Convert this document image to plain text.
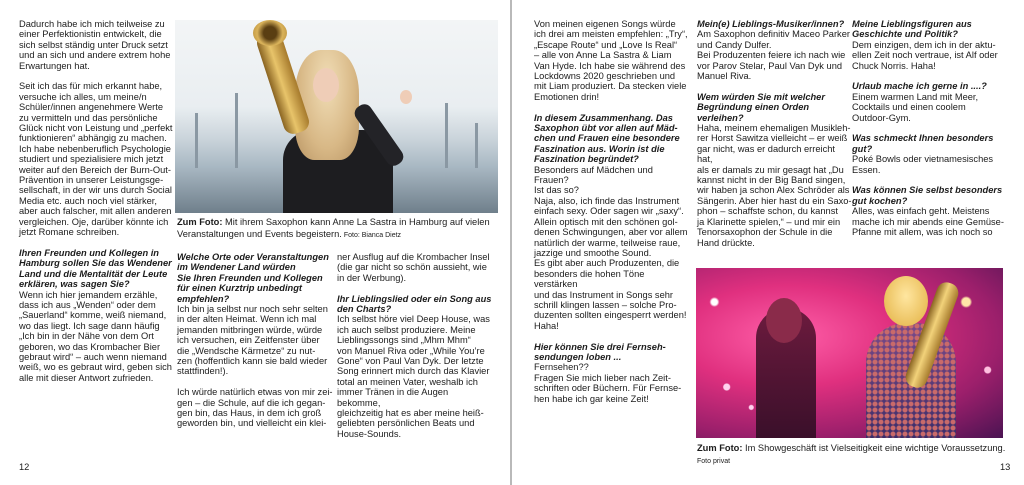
Dadurch habe ich mich teilweise zu
einer Perfektionistin entwickelt, die
sich selbst ständig unter Druck setzt
und an sich und andere extrem hohe
Erwartungen hat.

Seit ich das für mich erkannt habe,
versuche ich alles, um meine/n
Schüler/innen angenehmere Werte
zu vermitteln und das persönliche
Glück nicht von Leistung und „perfekt
funktionieren“ abhängig zu machen.
Ich habe nebenberuflich Psychologie
studiert und spezialisiere mich jetzt
weiter auf den Bereich der Burn-Out-
Prävention in unserer Leistungsge-
sellschaft, in der wir uns durch Social
Media etc. auch noch viel stärker,
aber auch falscher, mit allen anderen
vergleichen. Oje, darüber könnte ich
jetzt Romane schreiben.

Ihren Freunden und Kollegen in
Hamburg sollen Sie das Wendener
Land und die Mentalität der Leute
erklären, was sagen Sie?

Wenn ich hier jemandem erzähle,
dass ich aus „Wenden“ oder dem
„Sauerland“ komme, weiß niemand,
wo das liegt. Ich sage dann häufig
„Ich bin in der Nähe von dem Ort
geboren, wo das Krombacher Bier
gebraut wird“ – auch wenn niemand
weiß, wo es gebraut wird, geben sich
alle mit dieser Antwort zufrieden.

Zum Foto: Mit ihrem Saxophon kann Anne La Sastra in Hamburg auf vielen
Veranstaltungen und Events begeistern. Foto: Bianca Dietz

Welche Orte oder Veranstaltungen
im Wendener Land würden
Sie Ihren Freunden und Kollegen
für einen Kurztrip unbedingt
empfehlen?

Ich bin ja selbst nur noch sehr selten
in der alten Heimat. Wenn ich mal
jemanden mitbringen würde, würde
ich versuchen, ein Zeitfenster über
die „Wendsche Kärmetze“ zu nut-
zen (hoffentlich kann sie bald wieder
stattfinden!).

Ich würde natürlich etwas von mir zei-
gen – die Schule, auf die ich gegan-
gen bin, das Haus, in dem ich groß
geworden bin, und vielleicht ein klei-

ner Ausflug auf die Krombacher Insel
(die gar nicht so schön aussieht, wie
in der Werbung).

Ihr Lieblingslied oder ein Song aus
den Charts?

Ich selbst höre viel Deep House, was
ich auch selbst produziere. Meine
Lieblingssongs sind „Mhm Mhm“
von Manuel Riva oder „While You’re
Gone“ von Paul Van Dyk. Der letzte
Song erinnert mich durch das Klavier
total an meinen Vater, weshalb ich
immer Tränen in die Augen bekomme,
gleichzeitig hat es aber meine heiß-
geliebten persönlichen Beats und
House-Sounds.

12

Von meinen eigenen Songs würde
ich drei am meisten empfehlen: „Try“,
„Escape Route“ und „Love Is Real“
– alle von Anne La Sastra & Liam
Van Hyde. Ich habe sie während des
Lockdowns 2020 geschrieben und
mit Liam produziert. Da stecken viele
Emotionen drin!

In diesem Zusammenhang. Das
Saxophon übt vor allen auf Mäd-
chen und Frauen eine besondere
Faszination aus. Worin ist die
Faszination begründet?

Besonders auf Mädchen und Frauen?
Ist das so?
Naja, also, ich finde das Instrument
einfach sexy. Oder sagen wir „saxy“.
Allein optisch mit den schönen gol-
denen Schwingungen, aber vor allem
natürlich der warme, teilweise raue,
jazzige und smoothe Sound.
Es gibt aber auch Produzenten, die
besonders die hohen Töne verstärken
und das Instrument in Songs sehr
schrill klingen lassen – solche Pro-
duzenten sollten eingesperrt werden!
Haha!

Hier können Sie drei Fernseh-
sendungen loben ...

Fernsehen??
Fragen Sie mich lieber nach Zeit-
schriften oder Büchern. Für Fernse-
hen habe ich gar keine Zeit!

Mein(e) Lieblings-Musiker/innen?

Am Saxophon definitiv Maceo Parker
und Candy Dulfer.
Bei Produzenten feiere ich nach wie
vor Parov Stelar, Paul Van Dyk und
Manuel Riva.

Wem würden Sie mit welcher
Begründung einen Orden
verleihen?

Haha, meinem ehemaligen Musikleh-
rer Horst Sawitza vielleicht – er weiß
gar nicht, was er dadurch erreicht hat,
als er damals zu mir gesagt hat „Du
kannst nicht in der Big Band singen,
wir haben ja schon Alex Schröder als
Sängerin. Aber hier hast du ein Saxo-
phon – schaffste schon, du kannst
ja Klarinette spielen,“ – und mir ein
Tenorsaxophon der Schule in die
Hand drückte.

Meine Lieblingsfiguren aus
Geschichte und Politik?

Dem einzigen, dem ich in der aktu-
ellen Zeit noch vertraue, ist Alf oder
Chuck Norris. Haha!

Urlaub mache ich gerne in ....?

Einem warmen Land mit Meer,
Cocktails und einen coolem
Outdoor-Gym.

Was schmeckt Ihnen besonders
gut?

Poké Bowls oder vietnamesisches
Essen.

Was können Sie selbst besonders
gut kochen?

Alles, was einfach geht. Meistens
mache ich mir abends eine Gemüse-
Pfanne mit allem, was ich noch so

13
Zum Foto: Im Showgeschäft ist Vielseitigkeit eine wichtige Voraussetzung.
Foto privat
